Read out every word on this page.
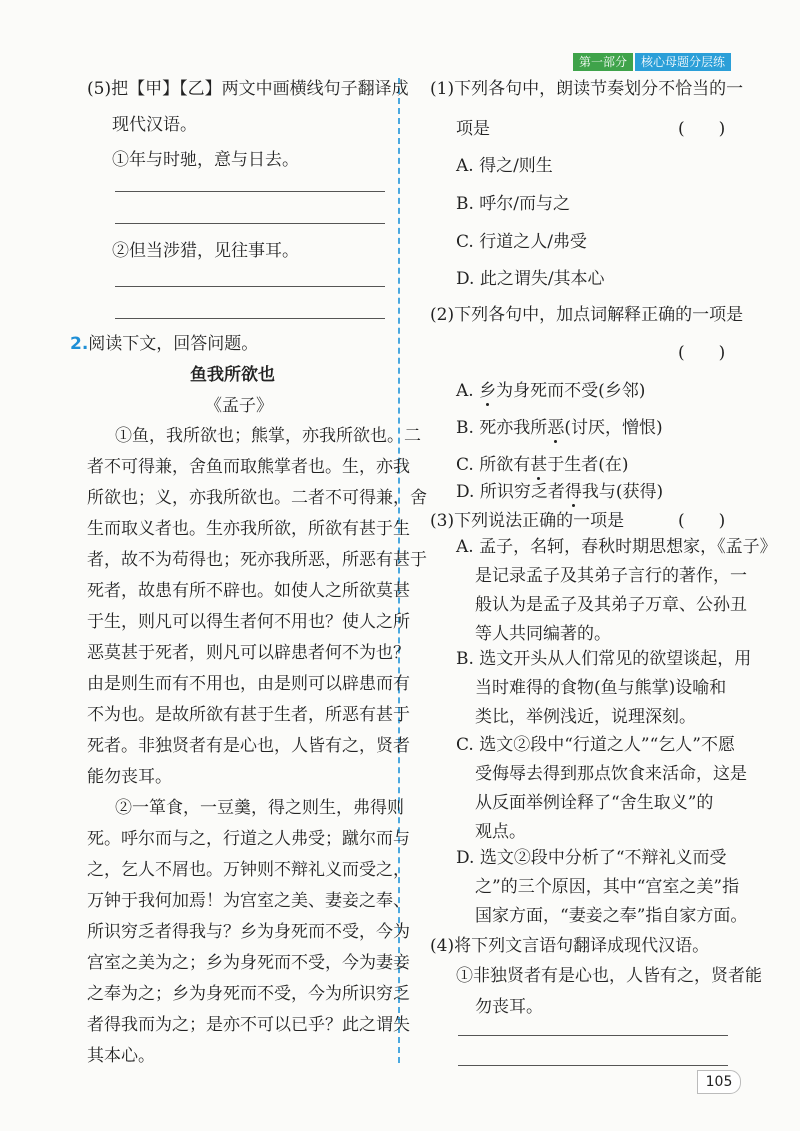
第一部分	核心母题分层练
(5)把【甲】【乙】两文中画横线句子翻译成
现代汉语。
①年与时驰，意与日去。
②但当涉猎，见往事耳。
2.阅读下文，回答问题。
鱼我所欲也
《孟子》
①鱼，我所欲也；熊掌，亦我所欲也。二
者不可得兼，舍鱼而取熊掌者也。生，亦我
所欲也；义，亦我所欲也。二者不可得兼，舍
生而取义者也。生亦我所欲，所欲有甚于生
者，故不为苟得也；死亦我所恶，所恶有甚于
死者，故患有所不辟也。如使人之所欲莫甚
于生，则凡可以得生者何不用也？使人之所
恶莫甚于死者，则凡可以辟患者何不为也？
由是则生而有不用也，由是则可以辟患而有
不为也。是故所欲有甚于生者，所恶有甚于
死者。非独贤者有是心也，人皆有之，贤者
能勿丧耳。
②一箪食，一豆羹，得之则生，弗得则
死。呼尔而与之，行道之人弗受；蹴尔而与
之，乞人不屑也。万钟则不辩礼义而受之，
万钟于我何加焉！为宫室之美、妻妾之奉、
所识穷乏者得我与？乡为身死而不受，今为
宫室之美为之；乡为身死而不受，今为妻妾
之奉为之；乡为身死而不受，今为所识穷乏
者得我而为之；是亦不可以已乎？此之谓失
其本心。
(1)下列各句中，朗读节奏划分不恰当的一
项是	(　　)
A. 得之/则生
B. 呼尔/而与之
C. 行道之人/弗受
D. 此之谓失/其本心
(2)下列各句中，加点词解释正确的一项是
(　　)
A. 乡为身死而不受(乡邻)
B. 死亦我所恶(讨厌，憎恨)
C. 所欲有甚于生者(在)
D. 所识穷乏者得我与(获得)
(3)下列说法正确的一项是	(　　)
A. 孟子，名轲，春秋时期思想家，《孟子》
是记录孟子及其弟子言行的著作，一
般认为是孟子及其弟子万章、公孙丑
等人共同编著的。
B. 选文开头从人们常见的欲望谈起，用
当时难得的食物(鱼与熊掌)设喻和
类比，举例浅近，说理深刻。
C. 选文②段中“行道之人”“乞人”不愿
受侮辱去得到那点饮食来活命，这是
从反面举例诠释了“舍生取义”的
观点。
D. 选文②段中分析了“不辩礼义而受
之”的三个原因，其中“宫室之美”指
国家方面，“妻妾之奉”指自家方面。
(4)将下列文言语句翻译成现代汉语。
①非独贤者有是心也，人皆有之，贤者能
勿丧耳。
105
